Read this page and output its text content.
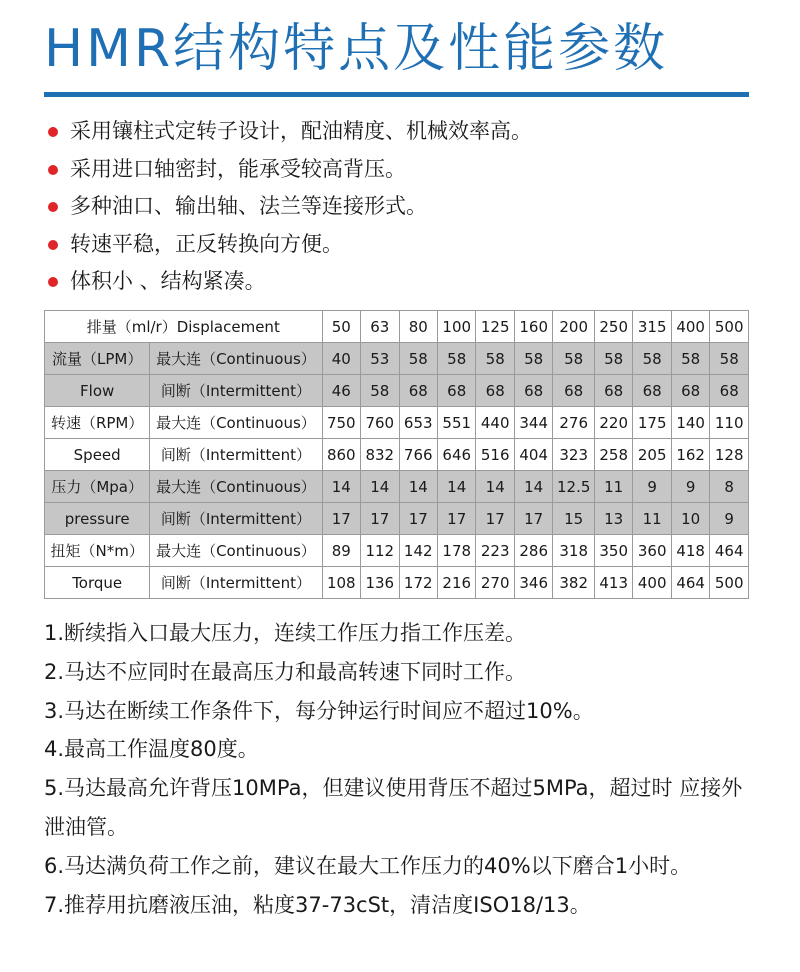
HMR结构特点及性能参数
采用镶柱式定转子设计，配油精度、机械效率高。
采用进口轴密封，能承受较高背压。
多种油口、输出轴、法兰等连接形式。
转速平稳，正反转换向方便。
体积小 、结构紧凑。
排量（ml/r）Displacement		50	63	80	100	125	160	200	250	315	400	500
流量（LPM）	最大连（Continuous）	40	53	58	58	58	58	58	58	58	58	58
Flow	间断（Intermittent）	46	58	68	68	68	68	68	68	68	68	68
转速（RPM）	最大连（Continuous）	750	760	653	551	440	344	276	220	175	140	110
Speed	间断（Intermittent）	860	832	766	646	516	404	323	258	205	162	128
压力（Mpa）	最大连（Continuous）	14	14	14	14	14	14	12.5	11	9	9	8
pressure	间断（Intermittent）	17	17	17	17	17	17	15	13	11	10	9
扭矩（N*m）	最大连（Continuous）	89	112	142	178	223	286	318	350	360	418	464
Torque	间断（Intermittent）	108	136	172	216	270	346	382	413	400	464	500

1.断续指入口最大压力，连续工作压力指工作压差。

2.马达不应同时在最高压力和最高转速下同时工作。

3.马达在断续工作条件下，每分钟运行时间应不超过10%。

4.最高工作温度80度。

5.马达最高允许背压10MPa，但建议使用背压不超过5MPa，超过时 应接外泄油管。

6.马达满负荷工作之前，建议在最大工作压力的40%以下磨合1小时。

7.推荐用抗磨液压油，粘度37-73cSt，清洁度ISO18/13。
